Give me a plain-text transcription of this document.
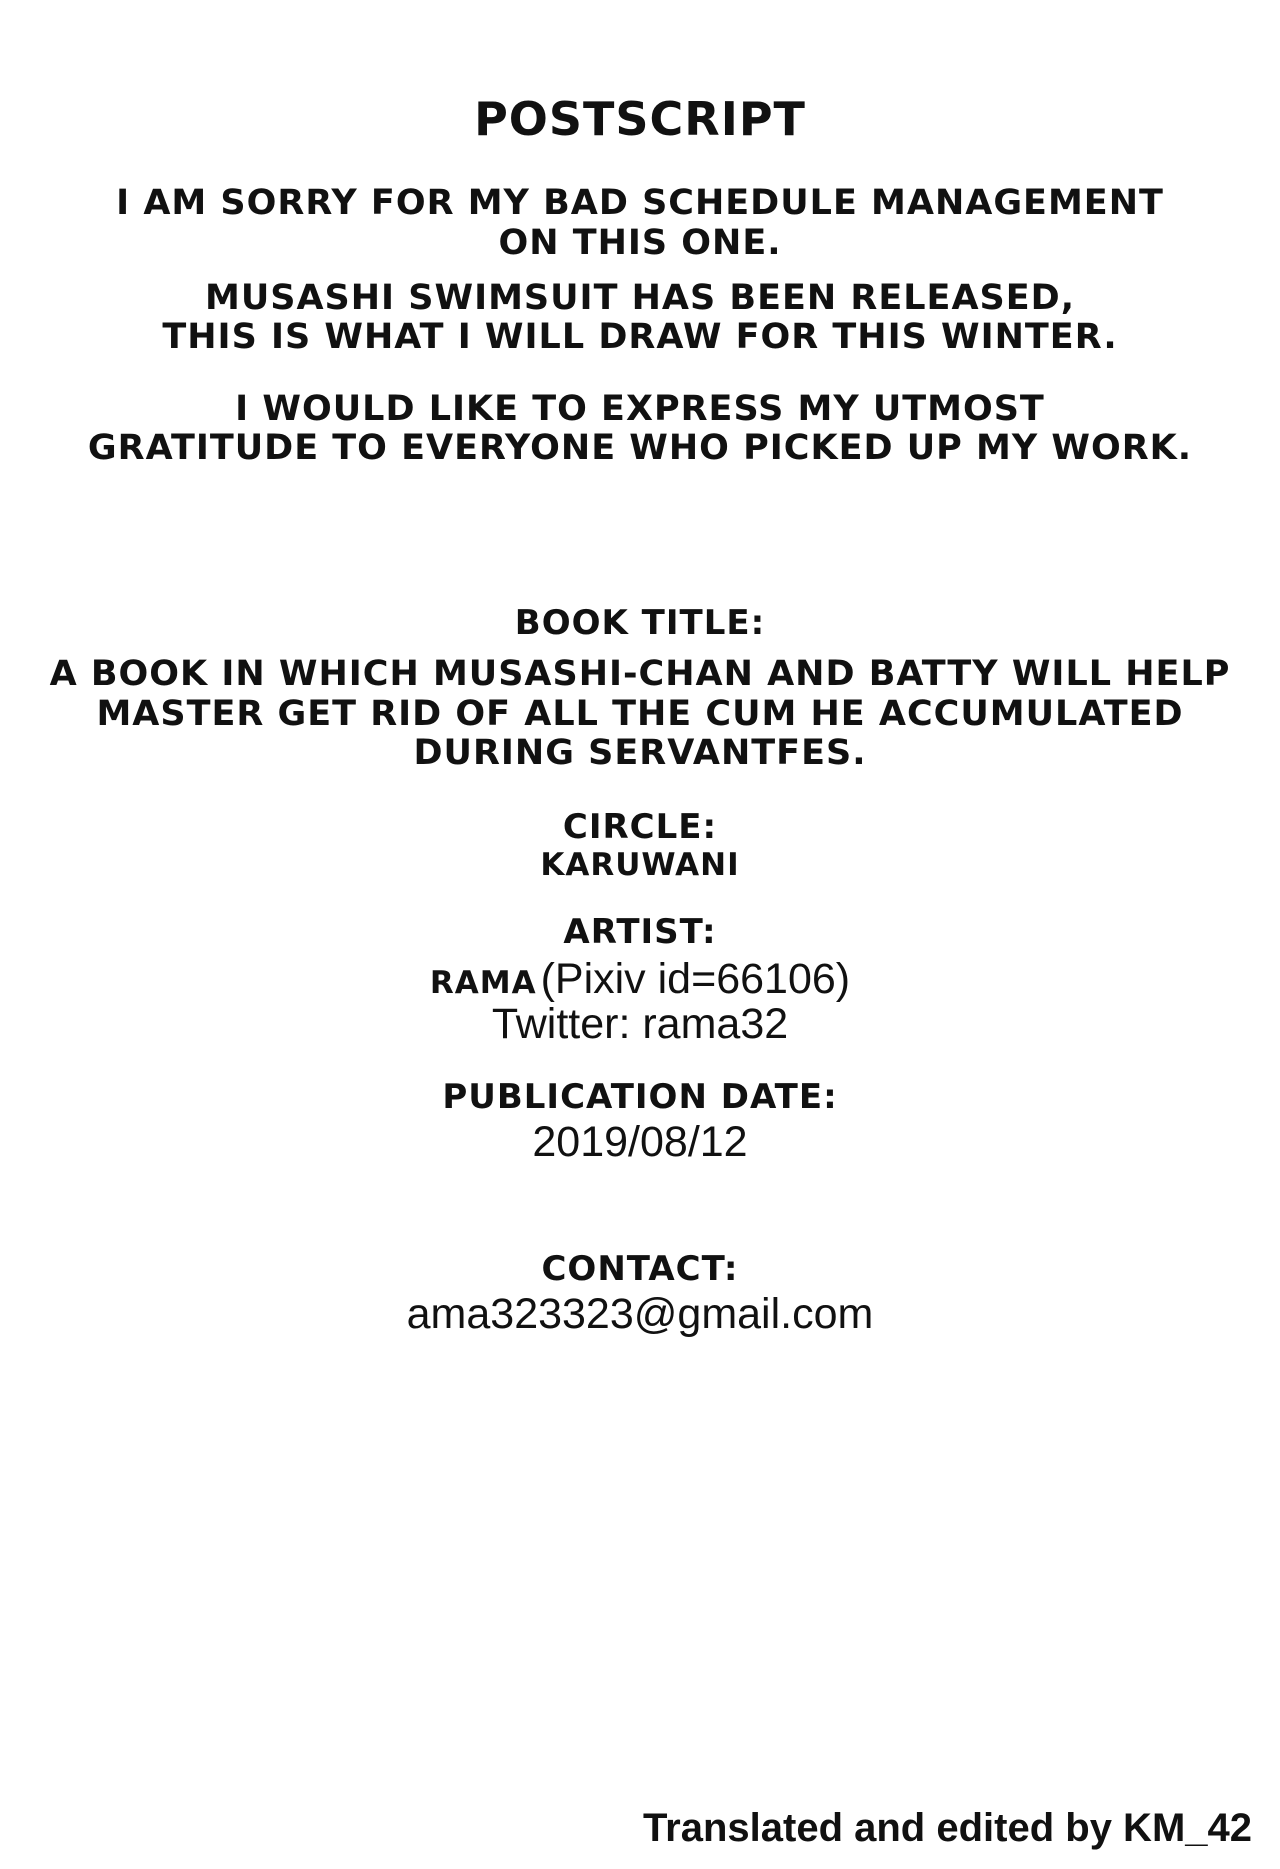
POSTSCRIPT
I AM SORRY FOR MY BAD SCHEDULE MANAGEMENT
ON THIS ONE.
MUSASHI SWIMSUIT HAS BEEN RELEASED,
THIS IS WHAT I WILL DRAW FOR THIS WINTER.
I WOULD LIKE TO EXPRESS MY UTMOST
GRATITUDE TO EVERYONE WHO PICKED UP MY WORK.
BOOK TITLE:
A BOOK IN WHICH MUSASHI-CHAN AND BATTY WILL HELP
MASTER GET RID OF ALL THE CUM HE ACCUMULATED
DURING SERVANTFES.
CIRCLE:
KARUWANI
ARTIST:
RAMA (Pixiv id=66106)
Twitter: rama32
PUBLICATION DATE:
2019/08/12
CONTACT:
ama323323@gmail.com
Translated and edited by KM_42
